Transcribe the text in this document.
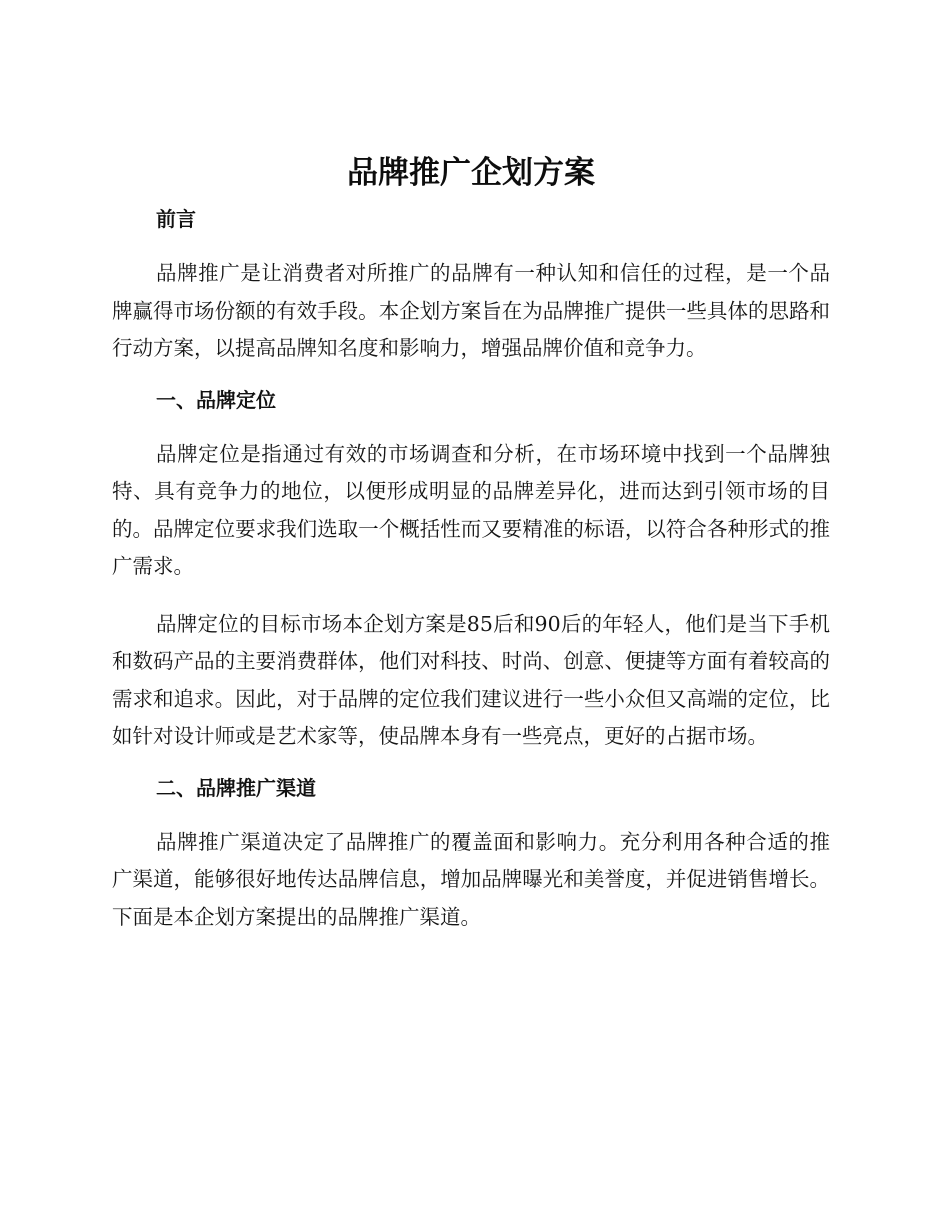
品牌推广企划方案
前言

品牌推广是让消费者对所推广的品牌有一种认知和信任的过程，是一个品牌赢得市场份额的有效手段。本企划方案旨在为品牌推广提供一些具体的思路和行动方案，以提高品牌知名度和影响力，增强品牌价值和竞争力。

一、品牌定位

品牌定位是指通过有效的市场调查和分析，在市场环境中找到一个品牌独特、具有竞争力的地位，以便形成明显的品牌差异化，进而达到引领市场的目的。品牌定位要求我们选取一个概括性而又要精准的标语，以符合各种形式的推广需求。

品牌定位的目标市场本企划方案是85后和90后的年轻人，他们是当下手机和数码产品的主要消费群体，他们对科技、时尚、创意、便捷等方面有着较高的需求和追求。因此，对于品牌的定位我们建议进行一些小众但又高端的定位，比如针对设计师或是艺术家等，使品牌本身有一些亮点，更好的占据市场。

二、品牌推广渠道

品牌推广渠道决定了品牌推广的覆盖面和影响力。充分利用各种合适的推广渠道，能够很好地传达品牌信息，增加品牌曝光和美誉度，并促进销售增长。下面是本企划方案提出的品牌推广渠道。
